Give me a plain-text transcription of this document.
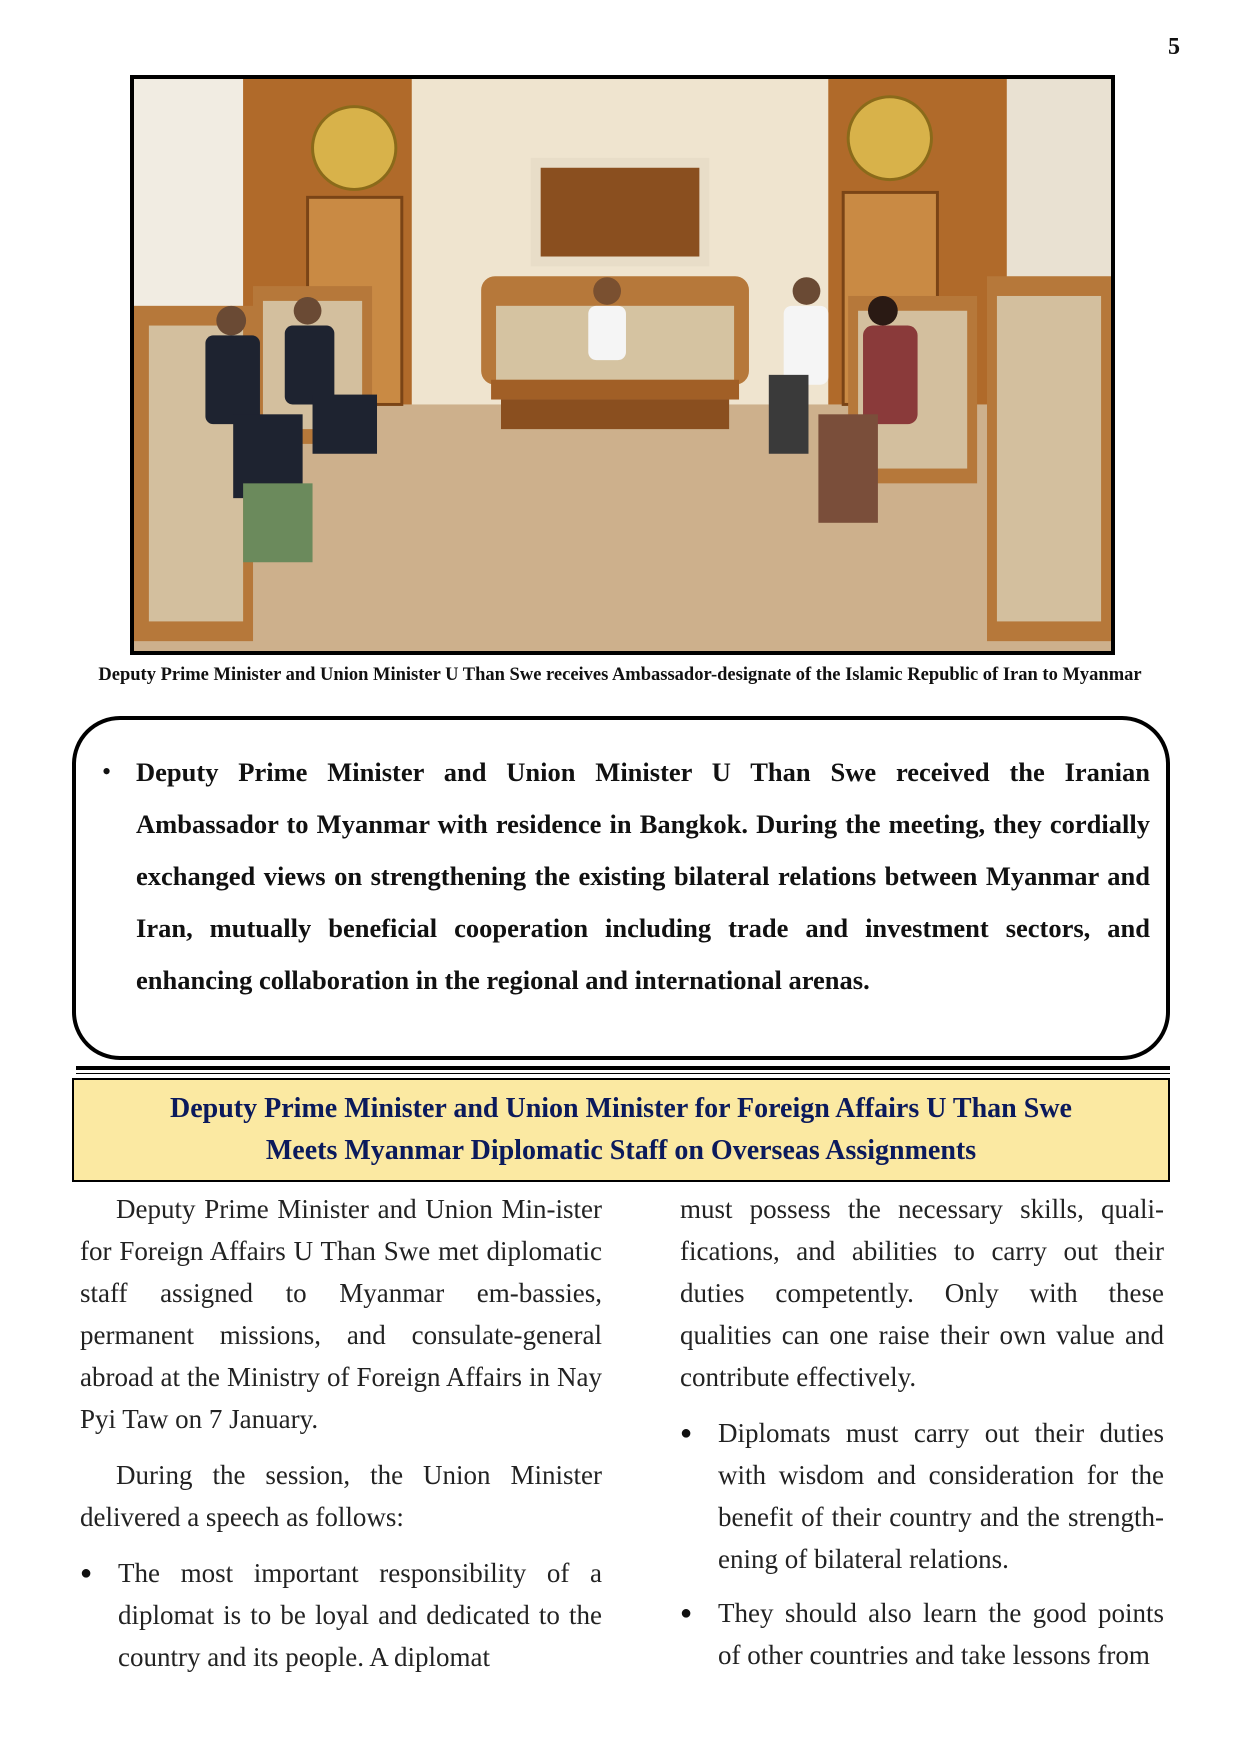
5
Deputy Prime Minister and Union Minister U Than Swe receives Ambassador-designate of the Islamic Republic of Iran to Myanmar
• Deputy Prime Minister and Union Minister U Than Swe received the Iranian Ambassador to Myanmar with residence in Bangkok. During the meeting, they cordially exchanged views on strengthening the existing bilateral relations between Myanmar and Iran, mutually beneficial cooperation including trade and investment sectors, and enhancing collaboration in the regional and international arenas.
Deputy Prime Minister and Union Minister for Foreign Affairs U Than Swe
Meets Myanmar Diplomatic Staff on Overseas Assignments

Deputy Prime Minister and Union Min-ister for Foreign Affairs U Than Swe met diplomatic staff assigned to Myanmar em-bassies, permanent missions, and consulate-general abroad at the Ministry of Foreign Affairs in Nay Pyi Taw on 7 January.

During the session, the Union Minister delivered a speech as follows:

● The most important responsibility of a diplomat is to be loyal and dedicated to the country and its people. A diplomat

must possess the necessary skills, quali-fications, and abilities to carry out their duties competently. Only with these qualities can one raise their own value and contribute effectively.

● Diplomats must carry out their duties with wisdom and consideration for the benefit of their country and the strength-ening of bilateral relations.
● They should also learn the good points of other countries and take lessons from
